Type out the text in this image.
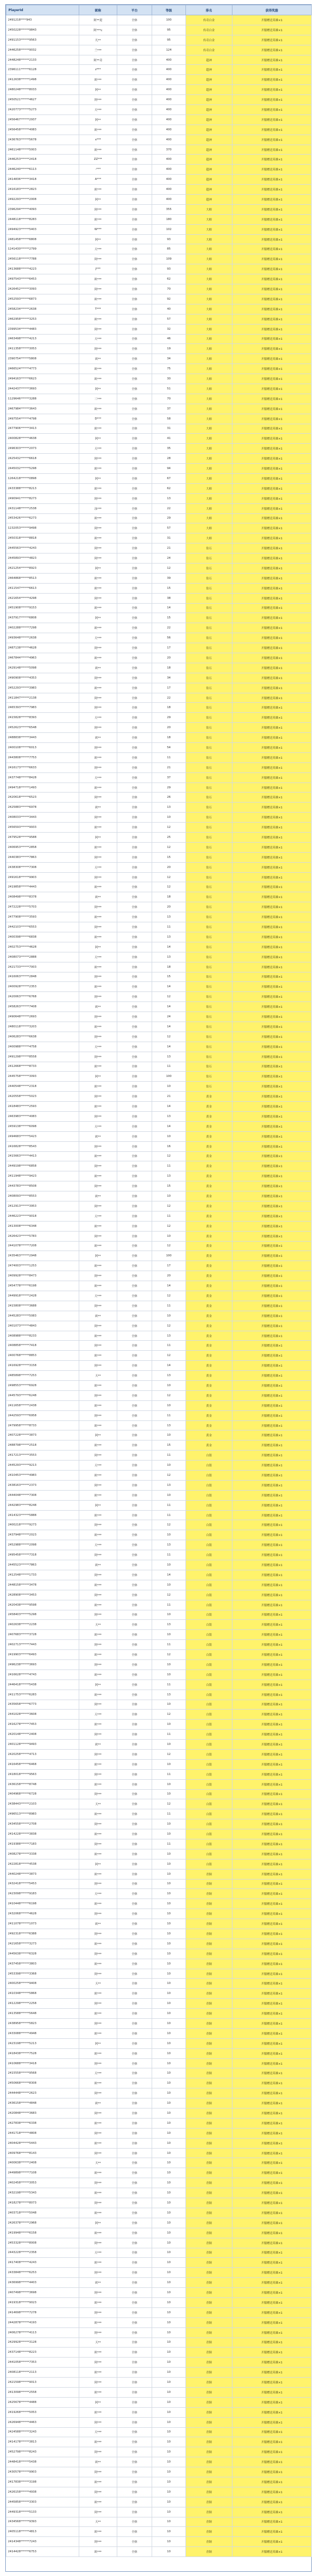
PlayerId	昵称	平台	等级	排名	获得奖励
2491218****943	阿**迎	全体	100	传奇白金	开服赠送英雄×1
2450228******9843	阿***c	全体	95	传奇白金	开服赠送英雄×1
2491153******9563	凡**	全体	95	传奇白金	开服赠送英雄×1
2446258******9032	兰***	全体	124	传奇白金	开服赠送英雄×1
2448248******2133	阿**奇	全体	400	超神	开服赠送英雄×1
2396111******6128	z***	全体	400	超神	开服赠送英雄×1
2412638******1498	欧***	全体	400	超神	开服赠送英雄×1
2480248******8033	阿**	全体	400	超神	开服赠送英雄×1
2450521******4627	阿***	全体	400	超神	开服赠送英雄×1
2420773******5273	天***	全体	400	超神	开服赠送英雄×1
2456467******2937	阿**	全体	400	超神	开服赠送英雄×1
2456458******4083	欧***	全体	400	超神	开服赠送英雄×1
2436763******5678	x***	全体	400	超神	开服赠送英雄×1
2461148******5003	欧***	全体	370	超神	开服赠送英雄×1
2446253******2418	ZZ***	全体	400	超神	开服赠送英雄×1
2446240******6113	-***	全体	400	超神	开服赠送英雄×1
2414836******3418	A***	全体	400	超神	开服赠送英雄×1
2416183******2823	欧***	全体	400	超神	开服赠送英雄×1
2492293******2008	阿**	全体	400	超神	开服赠送英雄×1
2396294******4093	阿***	全体	355	大师	开服赠送英雄×1
2448118******8283	欧***	全体	180	大师	开服赠送英雄×1
2494923******5403	W***	全体	102	大师	开服赠送英雄×1
2481458******6808	阿**	全体	93	大师	开服赠送英雄×1
1241430******2799	天***	全体	85	大师	开服赠送英雄×1
2456118******7788	阿***	全体	109	大师	开服赠送英雄×1
2413688******4223	J***	全体	93	大师	开服赠送英雄×1
2497543******6453	欧***	全体	62	大师	开服赠送英雄×1
2426452******3093	阿***	全体	70	大师	开服赠送英雄×1
2452593******6873	欧***	全体	92	大师	开服赠送英雄×1
2458234******2638	T***	全体	40	大师	开服赠送英雄×1
2462958******3253	欧***	全体	57	大师	开服赠送英雄×1
2399534******4483	阿***	全体	32	大师	开服赠送英雄×1
2463498******4213	天***	全体	46	大师	开服赠送英雄×1
2411358******3053	阿***	全体	19	大师	开服赠送英雄×1
2390754******5808	欧**	全体	34	大师	开服赠送英雄×1
2466524******4773	欧***	全体	75	大师	开服赠送英雄×1
2494163******6623	欧***	全体	30	大师	开服赠送英雄×1
2442437******3693	阿**	全体	51	大师	开服赠送英雄×1
1129646******3288	三***	全体	70	大师	开服赠送英雄×1
2467984******3643	欧***	全体	37	大师	开服赠送英雄×1
2497554******4798	D***	全体	58	大师	开服赠送英雄×1
2477906******3413	欧***	全体	31	大师	开服赠送英雄×1
2400828******4638	阿**	全体	41	大师	开服赠送英雄×1
2496303******2073	天***	全体	35	大师	开服赠送英雄×1
2425432******6618	阿***	全体	28	大师	开服赠送英雄×1
2445032******5298	欧***	全体	94	大师	开服赠送英雄×1
1264218******0898	阿**	全体	67	大师	开服赠送英雄×1
2433388******8213	欧***	全体	62	大师	开服赠送英雄×1
2490941******8273	阿***	全体	13	大师	开服赠送英雄×1
2431148******2538	泳***	全体	22	大师	开服赠送英雄×1
2453426******6273	欧***	全体	29	大师	开服赠送英雄×1
1232053******9498	阿***	全体	57	大师	开服赠送英雄×1
2450318******8818	欧***	全体	31	大师	开服赠送英雄×1
2445563******4243	阿***	全体	21	钻石	开服赠送英雄×1
2445893******4823	阿***	全体	24	钻石	开服赠送英雄×1
2421254******8923	阿**	全体	12	钻石	开服赠送英雄×1
2464868******8513	欧***	全体	39	钻石	开服赠送英雄×1
2411547******6613	欧***	全体	15	钻石	开服赠送英雄×1
2421654******4298	阿***	全体	38	钻石	开服赠送英雄×1
2451908******9153	欧***	全体	14	钻石	开服赠送英雄×1
2437917******6808	阿**	全体	15	钻石	开服赠送英雄×1
2402288******7298	欧***	全体	22	钻石	开服赠送英雄×1
2493648******2638	天***	全体	56	钻石	开服赠送英雄×1
2487138******4628	阿***	全体	17	钻石	开服赠送英雄×1
2467844******4963	欧***	全体	20	钻石	开服赠送英雄×1
2429148******5098	欧**	全体	18	钻石	开服赠送英雄×1
2490908******4353	阿***	全体	34	钻石	开服赠送英雄×1
2452293******3983	欧***	全体	17	钻石	开服赠送英雄×1
2411847******2138	阿***	全体	22	钻石	开服赠送英雄×1
2465393******7983	阿***	全体	18	钻石	开服赠送英雄×1
2415828******8393	天***	全体	29	钻石	开服赠送英雄×1
2452623******6548	阿***	全体	20	钻石	开服赠送英雄×1
2488838******3443	欧**	全体	18	钻石	开服赠送英雄×1
2400108******6013	阿***	全体	54	钻石	开服赠送英雄×1
2443808******7753	欧***	全体	11	钻石	开服赠送英雄×1
2416173******6633	阿***	全体	21	钻石	开服赠送英雄×1
2437748******8428	天***	全体	37	钻石	开服赠送英雄×1
2494718******1493	欧***	全体	29	钻石	开服赠送英雄×1
2420618******6523	阿***	全体	26	钻石	开服赠送英雄×1
2425883******6978	欧**	全体	13	钻石	开服赠送英雄×1
2408033******3443	阿***	全体	10	钻石	开服赠送英雄×1
2456593******9933	欧***	全体	12	钻石	开服赠送英雄×1
2479528******9588	阿**	全体	25	钻石	开服赠送英雄×1
2406953******2858	欧***	全体	12	钻石	开服赠送英雄×1
2440383******7863	阿***	全体	15	钻石	开服赠送英雄×1
2438308******7308	天***	全体	20	钻石	开服赠送英雄×1
2491618******9903	阿***	全体	12	钻石	开服赠送英雄×1
2419858******4443	欧***	全体	12	钻石	开服赠送英雄×1
2408498******8378	欧**	全体	18	钻石	开服赠送英雄×1
2472228******5703	阿***	全体	20	钻石	开服赠送英雄×1
2477908******3593	欧***	全体	13	钻石	开服赠送英雄×1
2442103******6553	阿***	全体	11	钻石	开服赠送英雄×1
2400398******6838	欧***	全体	13	钻石	开服赠送英雄×1
2402753******4628	阿**	全体	14	钻石	开服赠送英雄×1
2408073******2888	天***	全体	13	钻石	开服赠送英雄×1
2421733******7003	欧***	全体	18	钻石	开服赠送英雄×1
2416063******2848	阿***	全体	15	钻石	开服赠送英雄×1
2400928******2353	欧***	全体	14	钻石	开服赠送英雄×1
2420063******6768	阿***	全体	12	钻石	开服赠送英雄×1
2458263******7408	欧**	全体	14	钻石	开服赠送英雄×1
2490648******2693	阿***	全体	24	钻石	开服赠送英雄×1
2480118******3203	欧***	全体	14	钻石	开服赠送英雄×1
2406283******6638	阿***	全体	12	钻石	开服赠送英雄×1
2400988******4758	天***	全体	14	钻石	开服赠送英雄×1
2491298******8558	阿***	全体	13	钻石	开服赠送英雄×1
2412668******8733	欧***	全体	11	钻石	开服赠送英雄×1
2445758******3093	阿**	全体	100	钻石	开服赠送英雄×1
2440548******2318	欧***	全体	10	钻石	开服赠送英雄×1
2420558******5023	阿***	全体	21	黄金	开服赠送英雄×1
2418483******2593	欧***	全体	14	黄金	开服赠送英雄×1
2463983******4083	阿***	全体	13	黄金	开服赠送英雄×1
2459138******6098	天***	全体	14	黄金	开服赠送英雄×1
2494683******5423	欧**	全体	10	黄金	开服赠送英雄×1
2416828******8543	阿***	全体	16	黄金	开服赠送英雄×1
2415663******4413	欧***	全体	12	黄金	开服赠送英雄×1
2449198******6858	阿***	全体	11	黄金	开服赠送英雄×1
2411948******9423	欧***	全体	13	黄金	开服赠送英雄×1
2443783******8508	阿***	全体	15	黄金	开服赠送英雄×1
2408093******8553	欧**	全体	10	黄金	开服赠送英雄×1
2412913******3953	阿***	全体	12	黄金	开服赠送英雄×1
2446223******9018	天***	全体	11	黄金	开服赠送英雄×1
2413008******6348	欧***	全体	12	黄金	开服赠送英雄×1
2426423******5783	阿***	全体	10	黄金	开服赠送英雄×1
2441078******7208	欧***	全体	12	黄金	开服赠送英雄×1
2435463******2948	阿**	全体	100	黄金	开服赠送英雄×1
2474003******1253	欧***	全体	17	黄金	开服赠送英雄×1
2409928******8473	阿***	全体	20	黄金	开服赠送英雄×1
2454778******6198	欧***	全体	14	黄金	开服赠送英雄×1
2449918******2428	天***	全体	12	黄金	开服赠送英雄×1
2415808******3688	阿***	全体	11	黄金	开服赠送英雄×1
2445283******5083	欧**	全体	10	黄金	开服赠送英雄×1
2401073******4843	阿***	全体	12	黄金	开服赠送英雄×1
2408988******8233	欧***	全体	13	黄金	开服赠送英雄×1
2408858******7418	阿***	全体	11	黄金	开服赠送英雄×1
2400768******8853	欧***	全体	12	黄金	开服赠送英雄×1
2416928******3158	阿***	全体	14	黄金	开服赠送英雄×1
2485898******7253	天**	全体	13	黄金	开服赠送英雄×1
2498553******6928	欧***	全体	10	黄金	开服赠送英雄×1
2445793******6248	阿***	全体	12	黄金	开服赠送英雄×1
2411658******2438	欧***	全体	10	黄金	开服赠送英雄×1
2442593******6958	阿***	全体	11	黄金	开服赠送英雄×1
2479958******8733	欧***	全体	13	黄金	开服赠送英雄×1
2407228******3873	阿**	全体	10	黄金	开服赠送英雄×1
2488798******2518	欧***	全体	15	黄金	开服赠送英雄×1
2417213******3553	阿***	全体	11	白银	开服赠送英雄×1
2445293******9213	天***	全体	10	白银	开服赠送英雄×1
2410453******4983	欧***	全体	12	白银	开服赠送英雄×1
2438163******2373	阿***	全体	13	白银	开服赠送英雄×1
2444048******7308	欧***	全体	10	白银	开服赠送英雄×1
2442983******8248	阿**	全体	11	白银	开服赠送英雄×1
2414323******5888	欧***	全体	11	白银	开服赠送英雄×1
2400218******9273	阿***	全体	12	白银	开服赠送英雄×1
2437948******2023	欧***	全体	10	白银	开服赠送英雄×1
2452988******2098	天***	全体	13	白银	开服赠送英雄×1
2495458******7318	阿***	全体	11	白银	开服赠送英雄×1
2445523******7863	欧**	全体	10	白银	开服赠送英雄×1
2412548******1733	阿***	全体	14	白银	开服赠送英雄×1
2448158******3478	欧***	全体	10	白银	开服赠送英雄×1
2428908******3453	阿***	全体	12	白银	开服赠送英雄×1
2420438******9598	欧***	全体	11	白银	开服赠送英雄×1
2458403******5298	阿***	全体	10	白银	开服赠送英雄×1
2402638******2238	天**	全体	13	白银	开服赠送英雄×1
2407683******3728	欧***	全体	10	白银	开服赠送英雄×1
2402713******7443	阿***	全体	11	白银	开服赠送英雄×1
2419903******6493	欧***	全体	12	白银	开服赠送英雄×1
2496238******3693	阿***	全体	10	白银	开服赠送英雄×1
2416628******4743	欧***	全体	10	白银	开服赠送英雄×1
2446418******5438	阿**	全体	11	白银	开服赠送英雄×1
2411753******6283	欧***	全体	13	白银	开服赠送英雄×1
2435658******6773	阿***	全体	10	白银	开服赠送英雄×1
2441028******3608	天***	全体	12	白银	开服赠送英雄×1
2416278******7453	欧***	全体	10	白银	开服赠送英雄×1
2420148******2408	阿***	全体	11	白银	开服赠送英雄×1
2401128******9493	欧**	全体	10	白银	开服赠送英雄×1
2420258******4713	阿***	全体	12	白银	开服赠送英雄×1
2416458******6468	欧***	全体	10	白银	开服赠送英雄×1
2418018******9563	阿***	全体	11	白银	开服赠送英雄×1
2436158******8748	欧***	全体	10	白银	开服赠送英雄×1
2404968******6728	阿***	全体	10	白银	开服赠送英雄×1
2438443******2103	天**	全体	12	白银	开服赠送英雄×1
2496513******8983	欧***	全体	11	白银	开服赠送英雄×1
2434558******2708	阿***	全体	10	白银	开服赠送英雄×1
2414228******3838	欧***	全体	10	白银	开服赠送英雄×1
2419388******7183	阿***	全体	11	白银	开服赠送英雄×1
2408278******3338	欧***	全体	10	白银	开服赠送英雄×1
2422818******4538	阿**	全体	10	白银	开服赠送英雄×1
2440248******3873	欧***	全体	10	青铜	开服赠送英雄×1
2432418******5453	阿***	全体	10	青铜	开服赠送英雄×1
2423098******9183	天***	全体	10	青铜	开服赠送英雄×1
2410448******6198	欧***	全体	10	青铜	开服赠送英雄×1
2432068******4628	阿***	全体	10	青铜	开服赠送英雄×1
2411078******1073	欧**	全体	10	青铜	开服赠送英雄×1
2492318******6388	阿***	全体	10	青铜	开服赠送英雄×1
2421658******3273	欧***	全体	10	青铜	开服赠送英雄×1
2445638******6328	阿***	全体	10	青铜	开服赠送英雄×1
2437458******3803	欧***	全体	10	青铜	开服赠送英雄×1
2453398******3368	阿***	全体	10	青铜	开服赠送英雄×1
2400258******9408	天**	全体	10	青铜	开服赠送英雄×1
2410348******5868	欧***	全体	10	青铜	开服赠送英雄×1
2412298******2258	阿***	全体	10	青铜	开服赠送英雄×1
2413588******5648	欧***	全体	10	青铜	开服赠送英雄×1
2438958******5823	阿***	全体	10	青铜	开服赠送英雄×1
2433088******4948	欧***	全体	10	青铜	开服赠送英雄×1
2423198******5213	阿**	全体	10	青铜	开服赠送英雄×1
2418438******7528	欧***	全体	10	青铜	开服赠送英雄×1
2410688******3418	阿***	全体	10	青铜	开服赠送英雄×1
2415558******9568	天***	全体	10	青铜	开服赠送英雄×1
2450668******8308	欧***	全体	10	青铜	开服赠送英雄×1
2444448******2623	阿***	全体	10	青铜	开服赠送英雄×1
2436158******4848	欧**	全体	10	青铜	开服赠送英雄×1
2420848******3683	阿***	全体	10	青铜	开服赠送英雄×1
2427838******6338	欧***	全体	10	青铜	开服赠送英雄×1
2441718******4808	阿***	全体	10	青铜	开服赠送英雄×1
2404428******5443	欧***	全体	10	青铜	开服赠送英雄×1
2409768******8143	阿***	全体	10	青铜	开服赠送英雄×1
2400638******2408	天**	全体	10	青铜	开服赠送英雄×1
2449898******7108	欧***	全体	10	青铜	开服赠送英雄×1
2402458******3053	阿***	全体	10	青铜	开服赠送英雄×1
2432198******5343	欧***	全体	10	青铜	开服赠送英雄×1
2418278******8073	阿***	全体	10	青铜	开服赠送英雄×1
2403718******5048	欧***	全体	10	青铜	开服赠送英雄×1
2426378******2968	阿**	全体	10	青铜	开服赠送英雄×1
2419948******6158	欧***	全体	10	青铜	开服赠送英雄×1
2453328******8008	阿***	全体	10	青铜	开服赠送英雄×1
2443228******2358	天***	全体	10	青铜	开服赠送英雄×1
2417408******4243	欧***	全体	10	青铜	开服赠送英雄×1
2433848******6253	阿***	全体	10	青铜	开服赠送英雄×1
2436998******4403	欧**	全体	10	青铜	开服赠送英雄×1
2407498******3698	阿***	全体	10	青铜	开服赠送英雄×1
2419318******9023	欧***	全体	10	青铜	开服赠送英雄×1
2414698******7278	阿***	全体	10	青铜	开服赠送英雄×1
2442878******4193	欧***	全体	10	青铜	开服赠送英雄×1
2406278******4113	阿***	全体	10	青铜	开服赠送英雄×1
2429928******3128	天**	全体	10	青铜	开服赠送英雄×1
2437148******8223	欧***	全体	10	青铜	开服赠送英雄×1
2441058******7353	阿***	全体	10	青铜	开服赠送英雄×1
2408118******2113	欧***	全体	10	青铜	开服赠送英雄×1
2421598******9013	阿***	全体	10	青铜	开服赠送英雄×1
2413098******2558	欧***	全体	10	青铜	开服赠送英雄×1
2425678******4488	阿**	全体	10	青铜	开服赠送英雄×1
2419268******5053	欧***	全体	10	青铜	开服赠送英雄×1
2426948******4463	阿***	全体	10	青铜	开服赠送英雄×1
2424588******3243	天***	全体	10	青铜	开服赠送英雄×1
2414178******3813	欧***	全体	10	青铜	开服赠送英雄×1
2452798******8243	阿***	全体	10	青铜	开服赠送英雄×1
2448418******5438	欧**	全体	10	青铜	开服赠送英雄×1
2430578******9903	阿***	全体	10	青铜	开服赠送英雄×1
2417838******3198	欧***	全体	10	青铜	开服赠送英雄×1
2426158******4938	阿***	全体	10	青铜	开服赠送英雄×1
2445858******3303	欧***	全体	10	青铜	开服赠送英雄×1
2449318******5133	阿***	全体	10	青铜	开服赠送英雄×1
2434568******9393	天**	全体	10	青铜	开服赠送英雄×1
2405118******4813	欧***	全体	10	青铜	开服赠送英雄×1
2414348******7243	阿***	全体	10	青铜	开服赠送英雄×1
2414428******6753	欧***	全体	10	青铜	开服赠送英雄×1
